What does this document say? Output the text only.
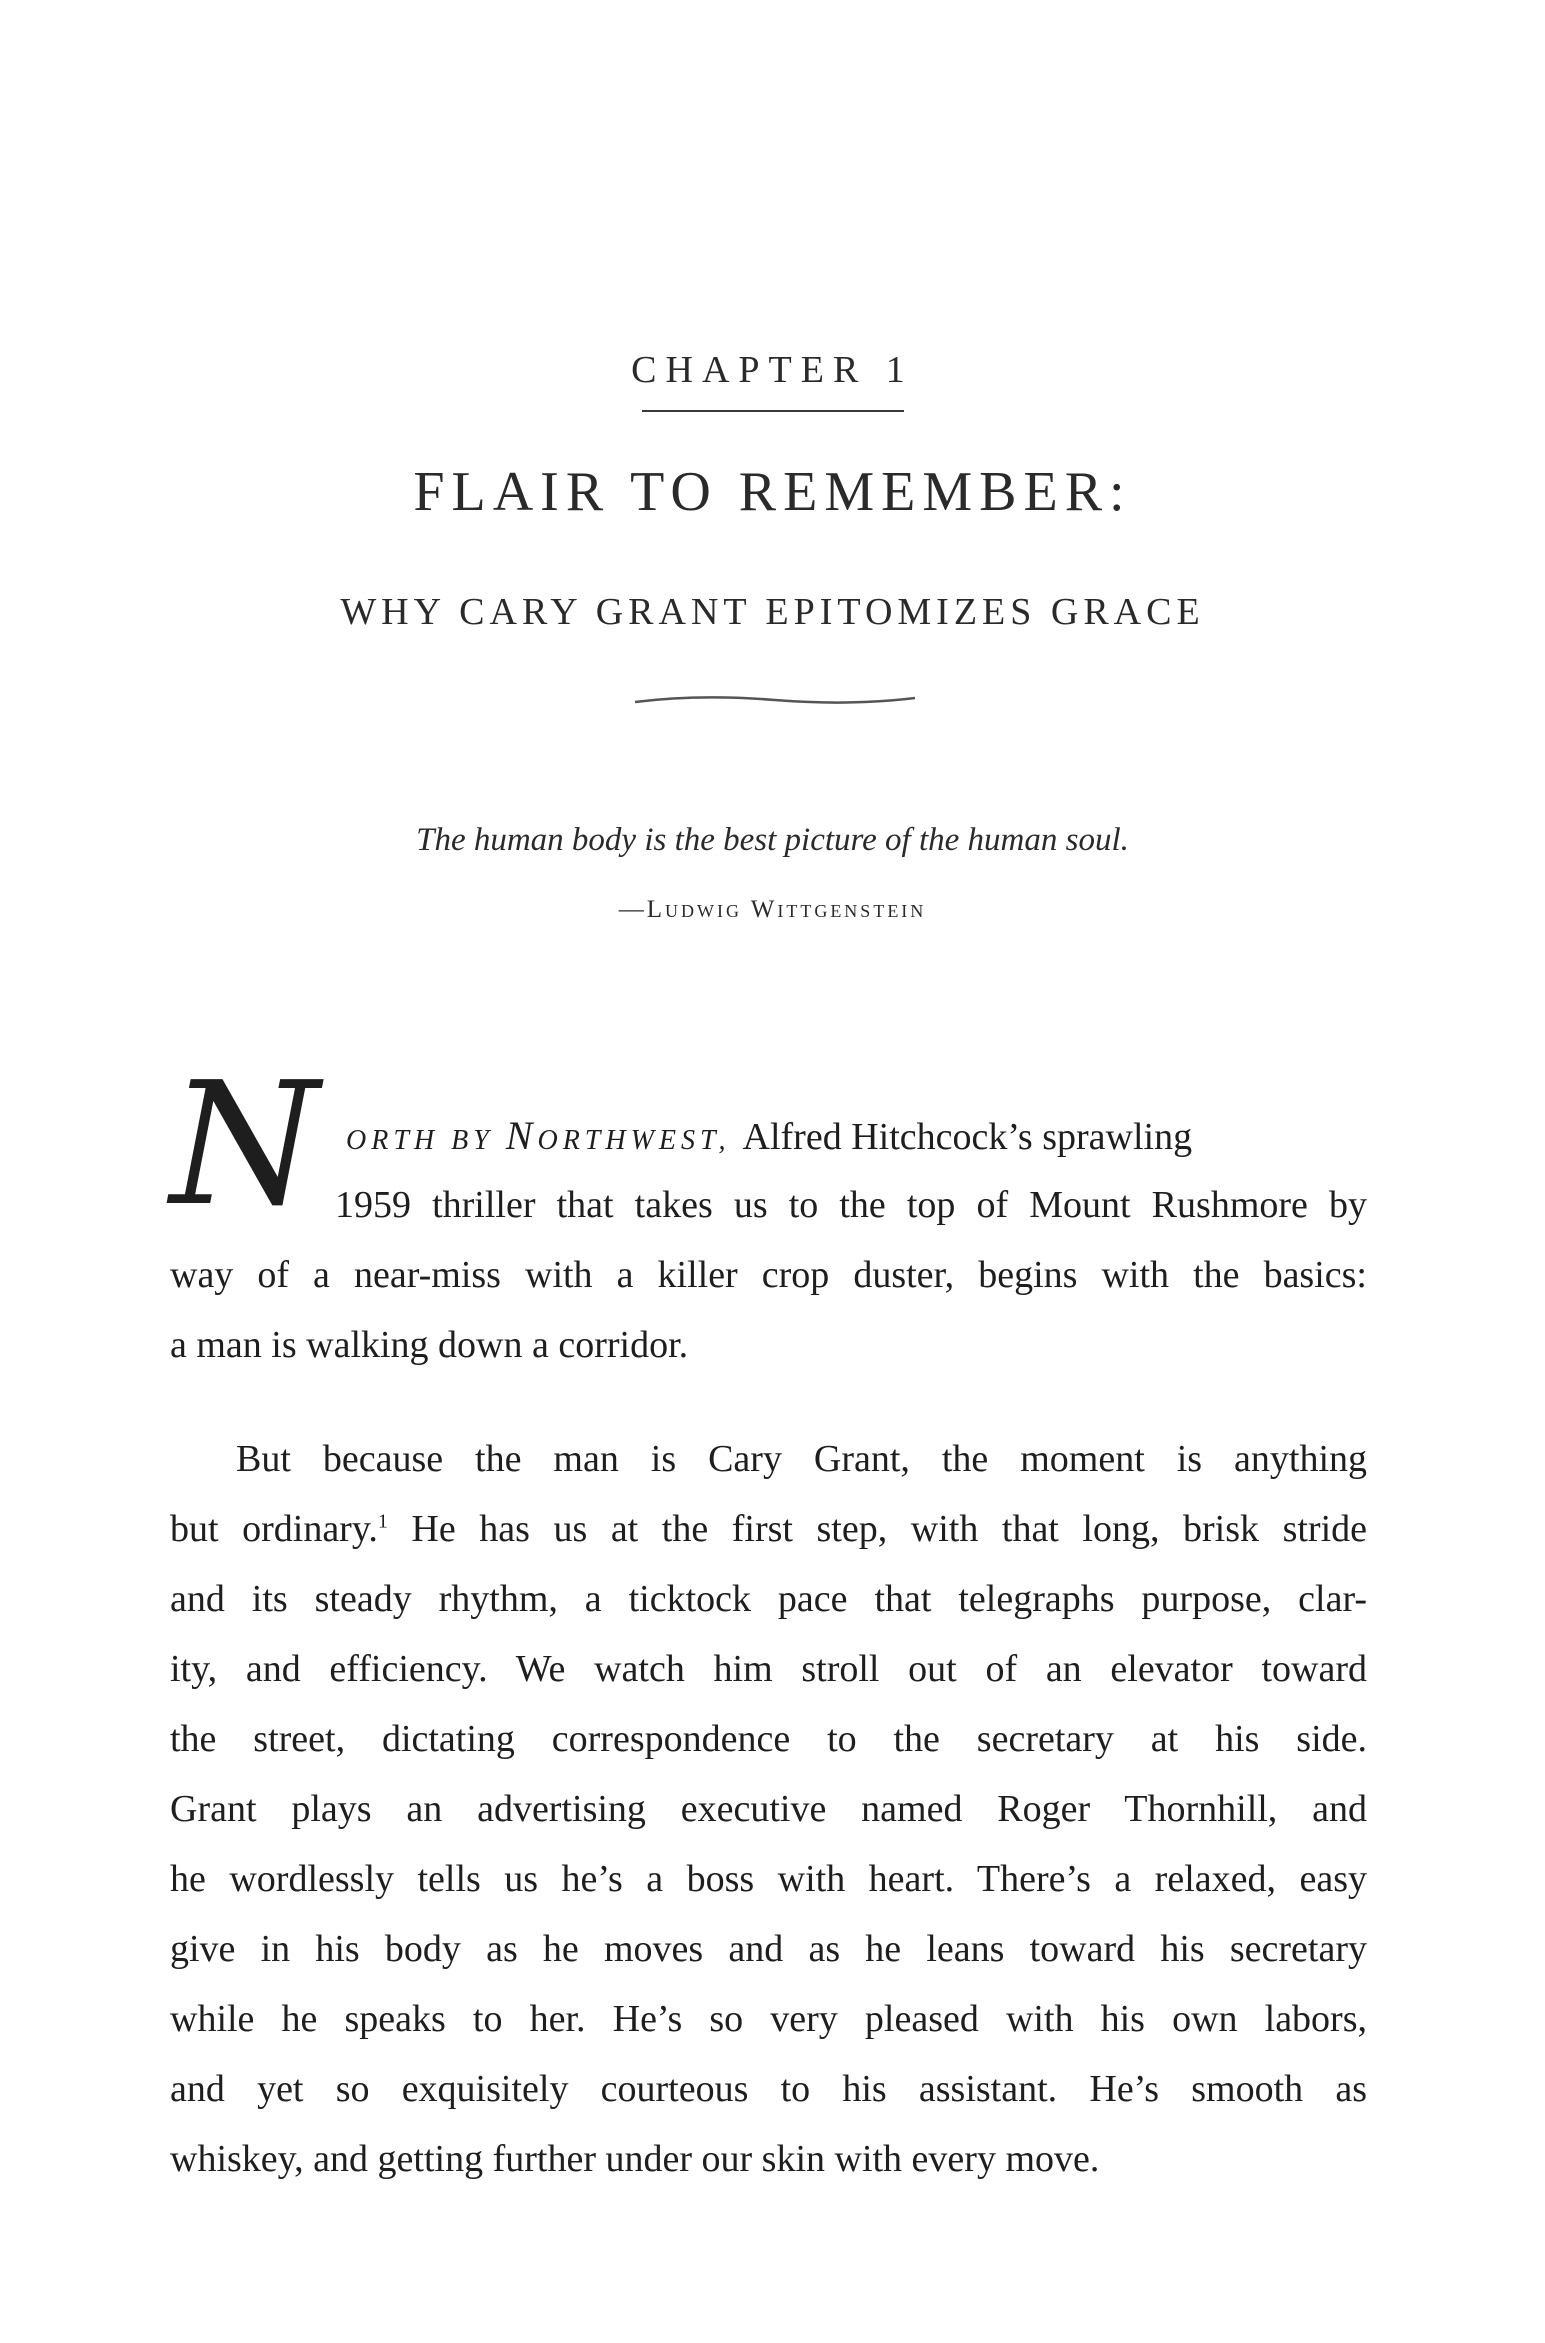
CHAPTER 1
FLAIR TO REMEMBER:
WHY CARY GRANT EPITOMIZES GRACE
The human body is the best picture of the human soul.
—Ludwig Wittgenstein
N ORTH BY NORTHWEST, Alfred Hitchcock’s sprawling
1959 thriller that takes us to the top of Mount Rushmore by
way of a near-miss with a killer crop duster, begins with the basics:
a man is walking down a corridor.
But because the man is Cary Grant, the moment is anything
but ordinary.$^1$ He has us at the first step, with that long, brisk stride
and its steady rhythm, a ticktock pace that telegraphs purpose, clar-
ity, and efficiency. We watch him stroll out of an elevator toward
the street, dictating correspondence to the secretary at his side.
Grant plays an advertising executive named Roger Thornhill, and
he wordlessly tells us he’s a boss with heart. There’s a relaxed, easy
give in his body as he moves and as he leans toward his secretary
while he speaks to her. He’s so very pleased with his own labors,
and yet so exquisitely courteous to his assistant. He’s smooth as
whiskey, and getting further under our skin with every move.
